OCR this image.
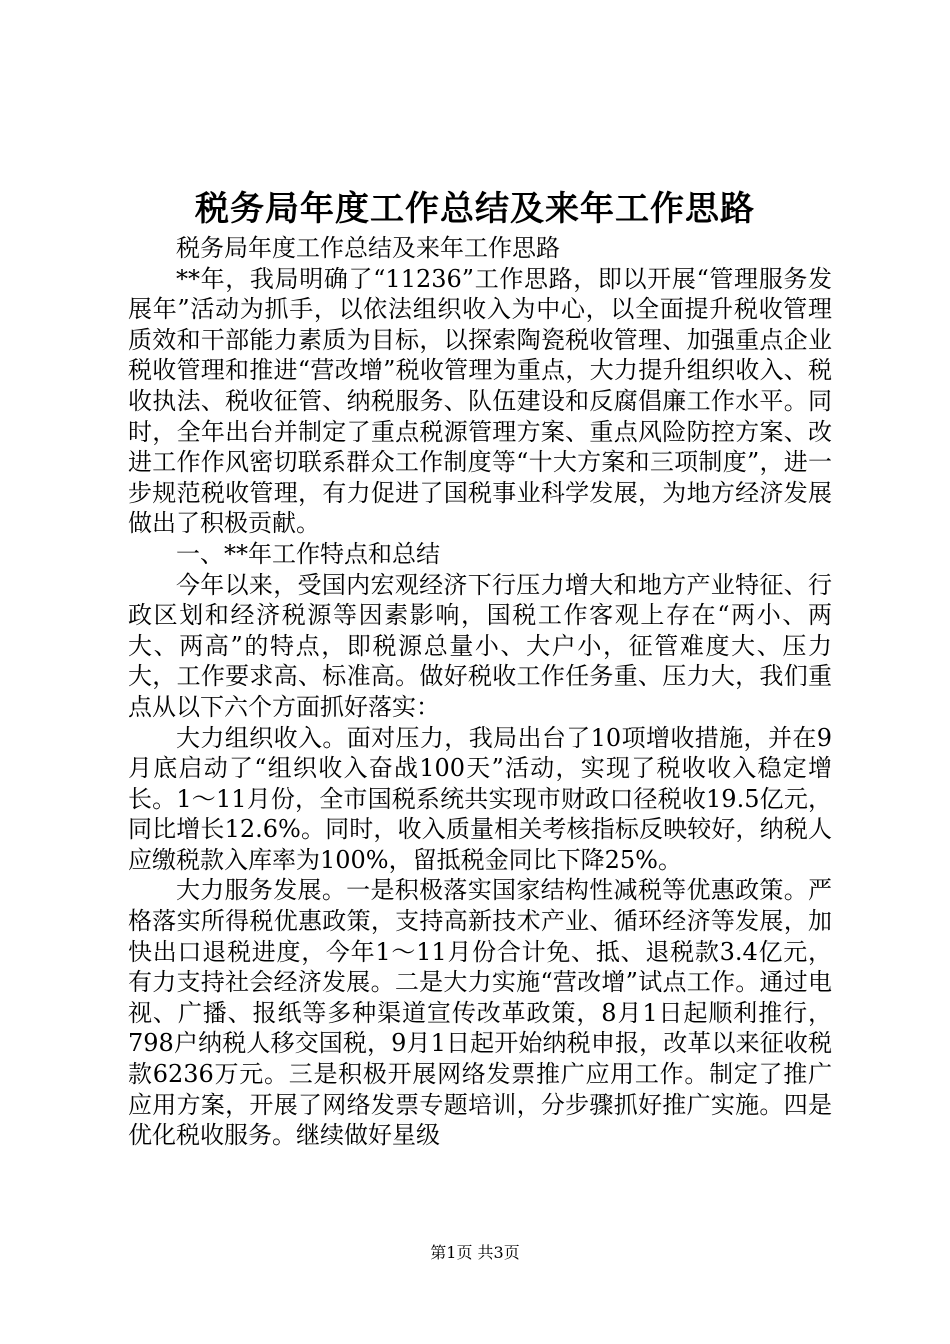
税务局年度工作总结及来年工作思路

税务局年度工作总结及来年工作思路

**年，我局明确了“11236”工作思路，即以开展“管理服务发展年”活动为抓手，以依法组织收入为中心，以全面提升税收管理质效和干部能力素质为目标，以探索陶瓷税收管理、加强重点企业税收管理和推进“营改增”税收管理为重点，大力提升组织收入、税收执法、税收征管、纳税服务、队伍建设和反腐倡廉工作水平。同时，全年出台并制定了重点税源管理方案、重点风险防控方案、改进工作作风密切联系群众工作制度等“十大方案和三项制度”，进一步规范税收管理，有力促进了国税事业科学发展，为地方经济发展做出了积极贡献。

一、**年工作特点和总结

今年以来，受国内宏观经济下行压力增大和地方产业特征、行政区划和经济税源等因素影响，国税工作客观上存在“两小、两大、两高”的特点，即税源总量小、大户小，征管难度大、压力大，工作要求高、标准高。做好税收工作任务重、压力大，我们重点从以下六个方面抓好落实：

大力组织收入。面对压力，我局出台了10项增收措施，并在9月底启动了“组织收入奋战100天”活动，实现了税收收入稳定增长。1～11月份，全市国税系统共实现市财政口径税收19.5亿元，同比增长12.6%。同时，收入质量相关考核指标反映较好，纳税人应缴税款入库率为100%，留抵税金同比下降25%。

大力服务发展。一是积极落实国家结构性减税等优惠政策。严格落实所得税优惠政策，支持高新技术产业、循环经济等发展，加快出口退税进度，今年1～11月份合计免、抵、退税款3.4亿元，有力支持社会经济发展。二是大力实施“营改增”试点工作。通过电视、广播、报纸等多种渠道宣传改革政策，8月1日起顺利推行，798户纳税人移交国税，9月1日起开始纳税申报，改革以来征收税款6236万元。三是积极开展网络发票推广应用工作。制定了推广应用方案，开展了网络发票专题培训，分步骤抓好推广实施。四是优化税收服务。继续做好星级

第1页 共3页
